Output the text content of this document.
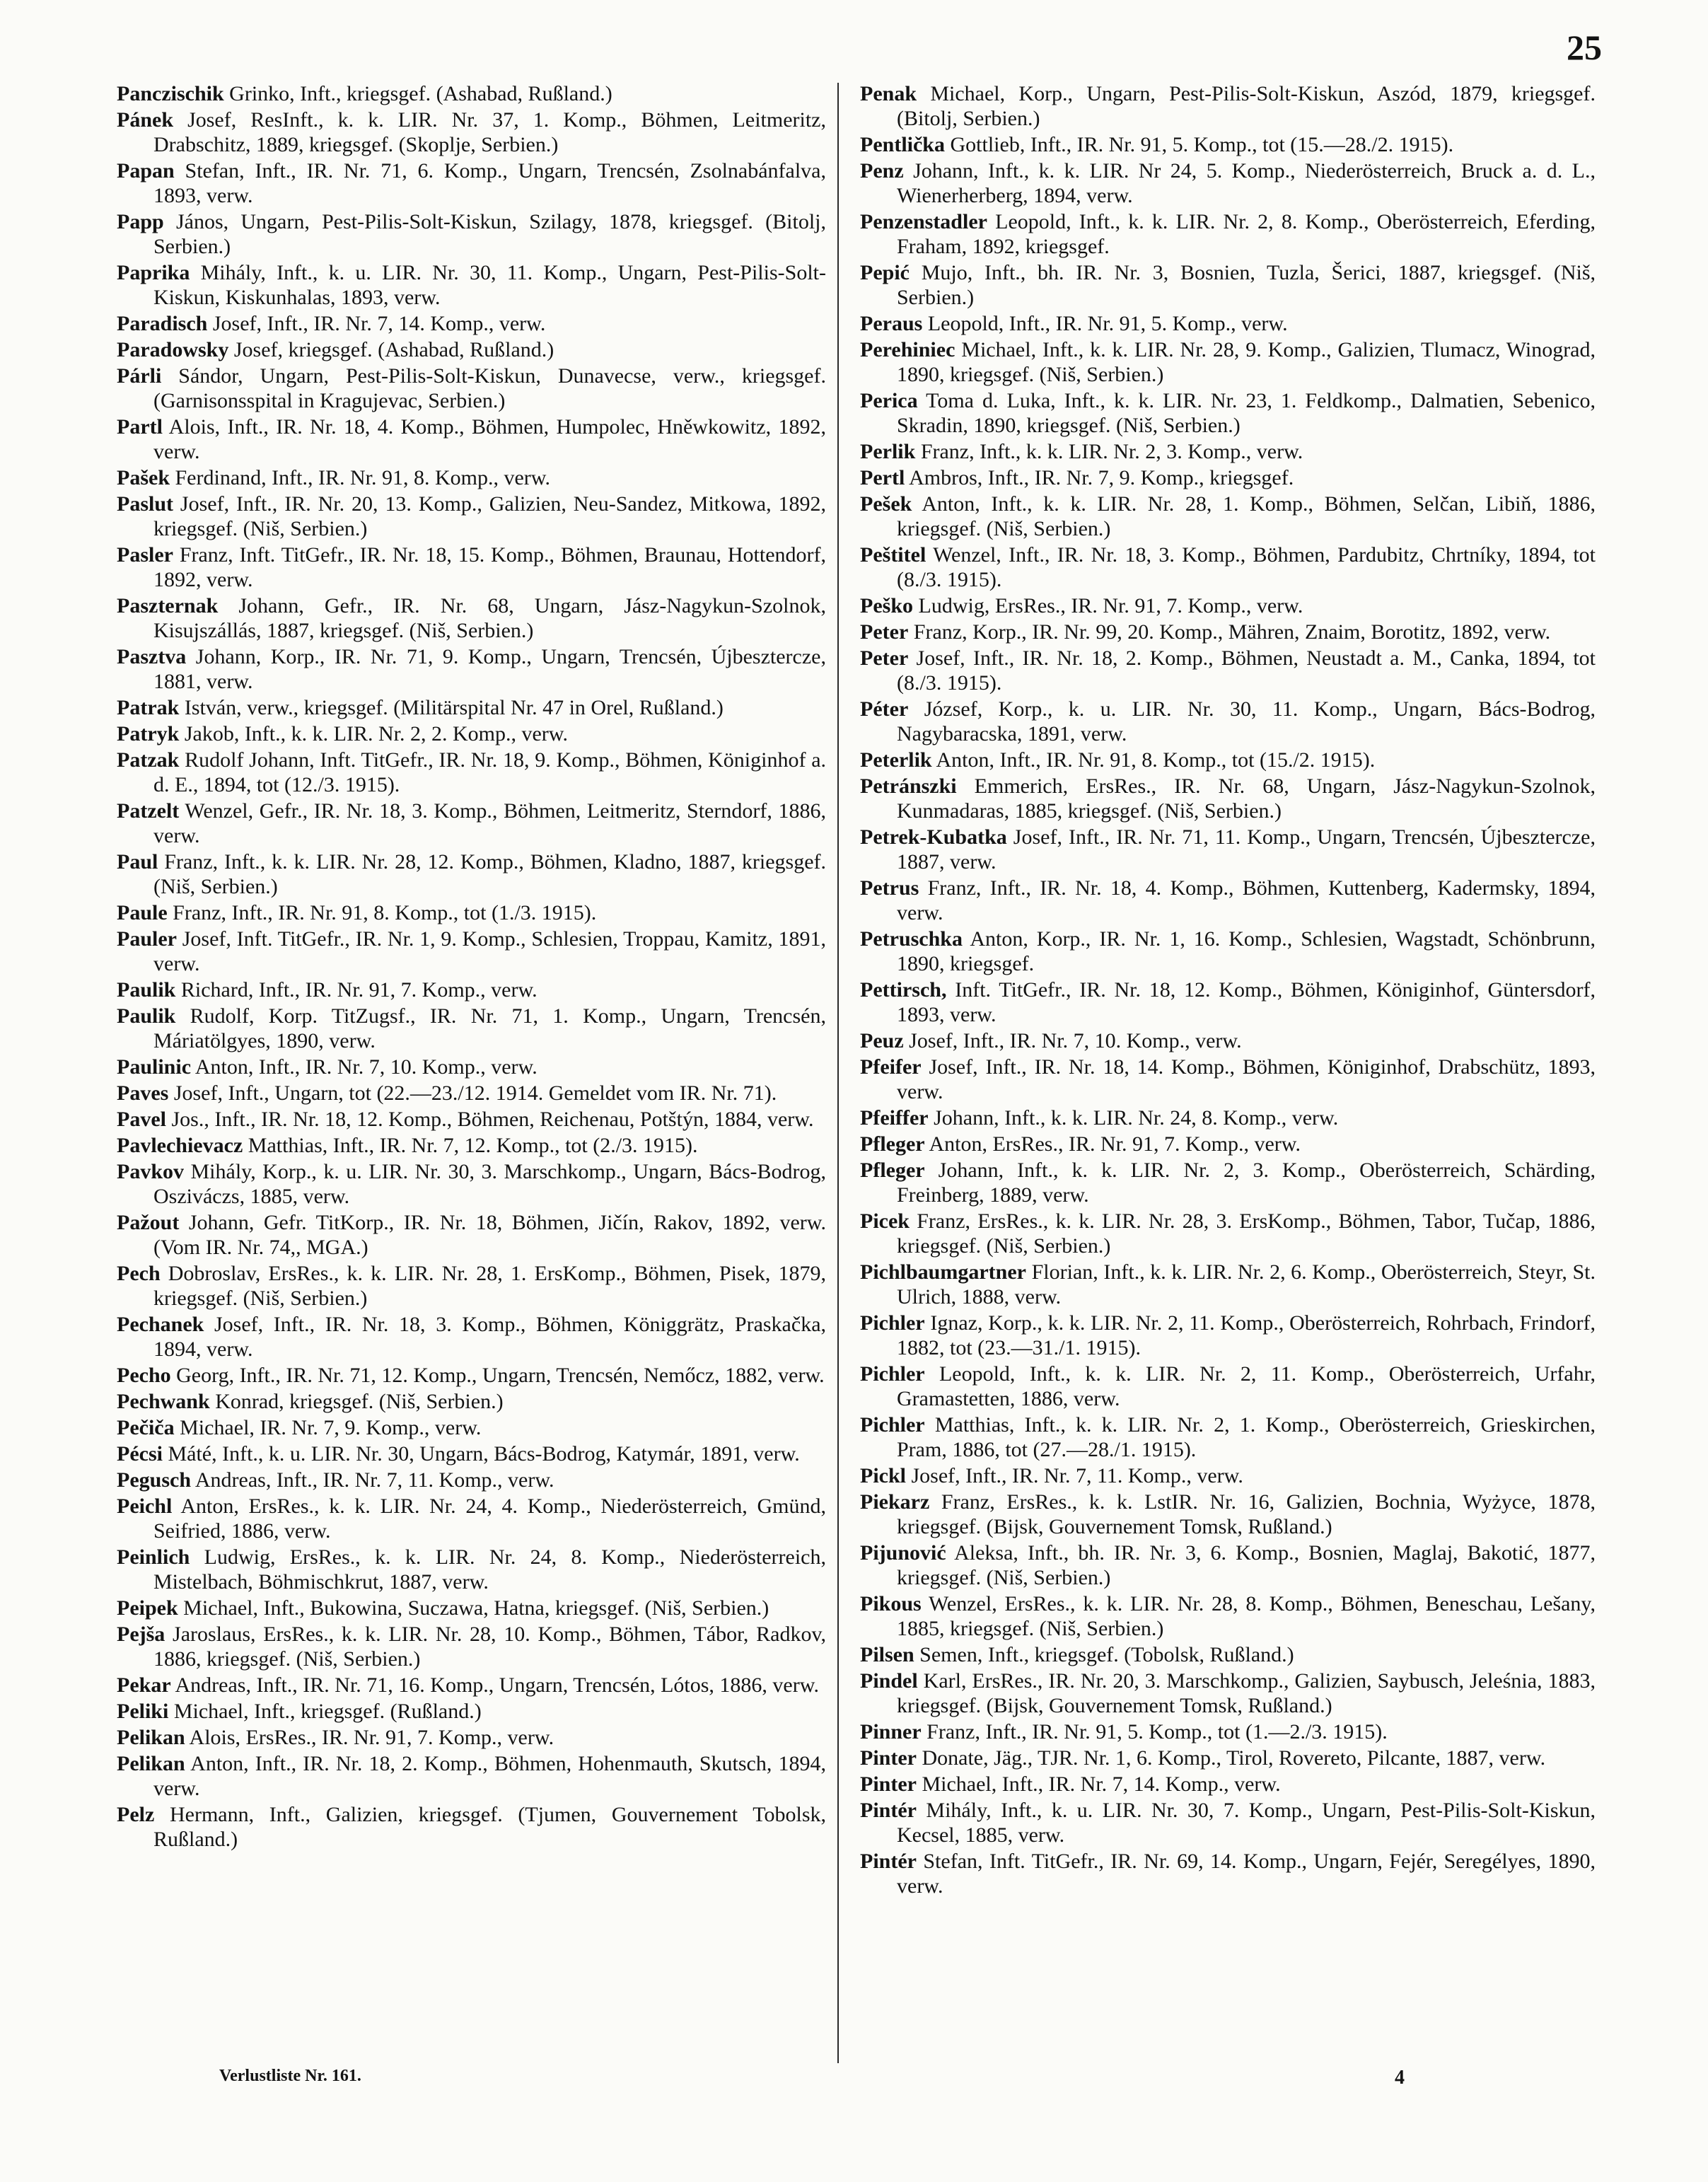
25

Panczischik Grinko, Inft., kriegsgef. (Ashabad, Rußland.)

Pánek Josef, ResInft., k. k. LIR. Nr. 37, 1. Komp., Böhmen, Leitmeritz, Drabschitz, 1889, kriegsgef. (Skoplje, Serbien.)

Papan Stefan, Inft., IR. Nr. 71, 6. Komp., Ungarn, Trencsén, Zsolnabánfalva, 1893, verw.

Papp János, Ungarn, Pest-Pilis-Solt-Kiskun, Szilagy, 1878, kriegsgef. (Bitolj, Serbien.)

Paprika Mihály, Inft., k. u. LIR. Nr. 30, 11. Komp., Ungarn, Pest-Pilis-Solt-Kiskun, Kiskunhalas, 1893, verw.

Paradisch Josef, Inft., IR. Nr. 7, 14. Komp., verw.

Paradowsky Josef, kriegsgef. (Ashabad, Rußland.)

Párli Sándor, Ungarn, Pest-Pilis-Solt-Kiskun, Dunavecse, verw., kriegsgef. (Garnisonsspital in Kragujevac, Serbien.)

Partl Alois, Inft., IR. Nr. 18, 4. Komp., Böhmen, Humpolec, Hněwkowitz, 1892, verw.

Pašek Ferdinand, Inft., IR. Nr. 91, 8. Komp., verw.

Paslut Josef, Inft., IR. Nr. 20, 13. Komp., Galizien, Neu-Sandez, Mitkowa, 1892, kriegsgef. (Niš, Serbien.)

Pasler Franz, Inft. TitGefr., IR. Nr. 18, 15. Komp., Böhmen, Braunau, Hottendorf, 1892, verw.

Paszternak Johann, Gefr., IR. Nr. 68, Ungarn, Jász-Nagykun-Szolnok, Kisujszállás, 1887, kriegsgef. (Niš, Serbien.)

Pasztva Johann, Korp., IR. Nr. 71, 9. Komp., Ungarn, Trencsén, Újbesztercze, 1881, verw.

Patrak István, verw., kriegsgef. (Militärspital Nr. 47 in Orel, Rußland.)

Patryk Jakob, Inft., k. k. LIR. Nr. 2, 2. Komp., verw.

Patzak Rudolf Johann, Inft. TitGefr., IR. Nr. 18, 9. Komp., Böhmen, Königinhof a. d. E., 1894, tot (12./3. 1915).

Patzelt Wenzel, Gefr., IR. Nr. 18, 3. Komp., Böhmen, Leitmeritz, Sterndorf, 1886, verw.

Paul Franz, Inft., k. k. LIR. Nr. 28, 12. Komp., Böhmen, Kladno, 1887, kriegsgef. (Niš, Serbien.)

Paule Franz, Inft., IR. Nr. 91, 8. Komp., tot (1./3. 1915).

Pauler Josef, Inft. TitGefr., IR. Nr. 1, 9. Komp., Schlesien, Troppau, Kamitz, 1891, verw.

Paulik Richard, Inft., IR. Nr. 91, 7. Komp., verw.

Paulik Rudolf, Korp. TitZugsf., IR. Nr. 71, 1. Komp., Ungarn, Trencsén, Máriatölgyes, 1890, verw.

Paulinic Anton, Inft., IR. Nr. 7, 10. Komp., verw.

Paves Josef, Inft., Ungarn, tot (22.—23./12. 1914. Gemeldet vom IR. Nr. 71).

Pavel Jos., Inft., IR. Nr. 18, 12. Komp., Böhmen, Reichenau, Potštýn, 1884, verw.

Pavlechievacz Matthias, Inft., IR. Nr. 7, 12. Komp., tot (2./3. 1915).

Pavkov Mihály, Korp., k. u. LIR. Nr. 30, 3. Marschkomp., Ungarn, Bács-Bodrog, Osziváczs, 1885, verw.

Pažout Johann, Gefr. TitKorp., IR. Nr. 18, Böhmen, Jičín, Rakov, 1892, verw. (Vom IR. Nr. 74,, MGA.)

Pech Dobroslav, ErsRes., k. k. LIR. Nr. 28, 1. ErsKomp., Böhmen, Pisek, 1879, kriegsgef. (Niš, Serbien.)

Pechanek Josef, Inft., IR. Nr. 18, 3. Komp., Böhmen, Königgrätz, Praskačka, 1894, verw.

Pecho Georg, Inft., IR. Nr. 71, 12. Komp., Ungarn, Trencsén, Nemőcz, 1882, verw.

Pechwank Konrad, kriegsgef. (Niš, Serbien.)

Pečiča Michael, IR. Nr. 7, 9. Komp., verw.

Pécsi Máté, Inft., k. u. LIR. Nr. 30, Ungarn, Bács-Bodrog, Katymár, 1891, verw.

Pegusch Andreas, Inft., IR. Nr. 7, 11. Komp., verw.

Peichl Anton, ErsRes., k. k. LIR. Nr. 24, 4. Komp., Niederösterreich, Gmünd, Seifried, 1886, verw.

Peinlich Ludwig, ErsRes., k. k. LIR. Nr. 24, 8. Komp., Niederösterreich, Mistelbach, Böhmischkrut, 1887, verw.

Peipek Michael, Inft., Bukowina, Suczawa, Hatna, kriegsgef. (Niš, Serbien.)

Pejša Jaroslaus, ErsRes., k. k. LIR. Nr. 28, 10. Komp., Böhmen, Tábor, Radkov, 1886, kriegsgef. (Niš, Serbien.)

Pekar Andreas, Inft., IR. Nr. 71, 16. Komp., Ungarn, Trencsén, Lótos, 1886, verw.

Peliki Michael, Inft., kriegsgef. (Rußland.)

Pelikan Alois, ErsRes., IR. Nr. 91, 7. Komp., verw.

Pelikan Anton, Inft., IR. Nr. 18, 2. Komp., Böhmen, Hohenmauth, Skutsch, 1894, verw.

Pelz Hermann, Inft., Galizien, kriegsgef. (Tjumen, Gouvernement Tobolsk, Rußland.)

Penak Michael, Korp., Ungarn, Pest-Pilis-Solt-Kiskun, Aszód, 1879, kriegsgef. (Bitolj, Serbien.)

Pentlička Gottlieb, Inft., IR. Nr. 91, 5. Komp., tot (15.—28./2. 1915).

Penz Johann, Inft., k. k. LIR. Nr 24, 5. Komp., Niederösterreich, Bruck a. d. L., Wienerherberg, 1894, verw.

Penzenstadler Leopold, Inft., k. k. LIR. Nr. 2, 8. Komp., Oberösterreich, Eferding, Fraham, 1892, kriegsgef.

Pepić Mujo, Inft., bh. IR. Nr. 3, Bosnien, Tuzla, Šerici, 1887, kriegsgef. (Niš, Serbien.)

Peraus Leopold, Inft., IR. Nr. 91, 5. Komp., verw.

Perehiniec Michael, Inft., k. k. LIR. Nr. 28, 9. Komp., Galizien, Tlumacz, Winograd, 1890, kriegsgef. (Niš, Serbien.)

Perica Toma d. Luka, Inft., k. k. LIR. Nr. 23, 1. Feldkomp., Dalmatien, Sebenico, Skradin, 1890, kriegsgef. (Niš, Serbien.)

Perlik Franz, Inft., k. k. LIR. Nr. 2, 3. Komp., verw.

Pertl Ambros, Inft., IR. Nr. 7, 9. Komp., kriegsgef.

Pešek Anton, Inft., k. k. LIR. Nr. 28, 1. Komp., Böhmen, Selčan, Libiň, 1886, kriegsgef. (Niš, Serbien.)

Peštitel Wenzel, Inft., IR. Nr. 18, 3. Komp., Böhmen, Pardubitz, Chrtníky, 1894, tot (8./3. 1915).

Peško Ludwig, ErsRes., IR. Nr. 91, 7. Komp., verw.

Peter Franz, Korp., IR. Nr. 99, 20. Komp., Mähren, Znaim, Borotitz, 1892, verw.

Peter Josef, Inft., IR. Nr. 18, 2. Komp., Böhmen, Neustadt a. M., Canka, 1894, tot (8./3. 1915).

Péter József, Korp., k. u. LIR. Nr. 30, 11. Komp., Ungarn, Bács-Bodrog, Nagybaracska, 1891, verw.

Peterlik Anton, Inft., IR. Nr. 91, 8. Komp., tot (15./2. 1915).

Petránszki Emmerich, ErsRes., IR. Nr. 68, Ungarn, Jász-Nagykun-Szolnok, Kunmadaras, 1885, kriegsgef. (Niš, Serbien.)

Petrek-Kubatka Josef, Inft., IR. Nr. 71, 11. Komp., Ungarn, Trencsén, Újbesztercze, 1887, verw.

Petrus Franz, Inft., IR. Nr. 18, 4. Komp., Böhmen, Kuttenberg, Kadermsky, 1894, verw.

Petruschka Anton, Korp., IR. Nr. 1, 16. Komp., Schlesien, Wagstadt, Schönbrunn, 1890, kriegsgef.

Pettirsch, Inft. TitGefr., IR. Nr. 18, 12. Komp., Böhmen, Königinhof, Güntersdorf, 1893, verw.

Peuz Josef, Inft., IR. Nr. 7, 10. Komp., verw.

Pfeifer Josef, Inft., IR. Nr. 18, 14. Komp., Böhmen, Königinhof, Drabschütz, 1893, verw.

Pfeiffer Johann, Inft., k. k. LIR. Nr. 24, 8. Komp., verw.

Pfleger Anton, ErsRes., IR. Nr. 91, 7. Komp., verw.

Pfleger Johann, Inft., k. k. LIR. Nr. 2, 3. Komp., Oberösterreich, Schärding, Freinberg, 1889, verw.

Picek Franz, ErsRes., k. k. LIR. Nr. 28, 3. ErsKomp., Böhmen, Tabor, Tučap, 1886, kriegsgef. (Niš, Serbien.)

Pichlbaumgartner Florian, Inft., k. k. LIR. Nr. 2, 6. Komp., Oberösterreich, Steyr, St. Ulrich, 1888, verw.

Pichler Ignaz, Korp., k. k. LIR. Nr. 2, 11. Komp., Oberösterreich, Rohrbach, Frindorf, 1882, tot (23.—31./1. 1915).

Pichler Leopold, Inft., k. k. LIR. Nr. 2, 11. Komp., Oberösterreich, Urfahr, Gramastetten, 1886, verw.

Pichler Matthias, Inft., k. k. LIR. Nr. 2, 1. Komp., Oberösterreich, Grieskirchen, Pram, 1886, tot (27.—28./1. 1915).

Pickl Josef, Inft., IR. Nr. 7, 11. Komp., verw.

Piekarz Franz, ErsRes., k. k. LstIR. Nr. 16, Galizien, Bochnia, Wyżyce, 1878, kriegsgef. (Bijsk, Gouvernement Tomsk, Rußland.)

Pijunović Aleksa, Inft., bh. IR. Nr. 3, 6. Komp., Bosnien, Maglaj, Bakotić, 1877, kriegsgef. (Niš, Serbien.)

Pikous Wenzel, ErsRes., k. k. LIR. Nr. 28, 8. Komp., Böhmen, Beneschau, Lešany, 1885, kriegsgef. (Niš, Serbien.)

Pilsen Semen, Inft., kriegsgef. (Tobolsk, Rußland.)

Pindel Karl, ErsRes., IR. Nr. 20, 3. Marschkomp., Galizien, Saybusch, Jeleśnia, 1883, kriegsgef. (Bijsk, Gouvernement Tomsk, Rußland.)

Pinner Franz, Inft., IR. Nr. 91, 5. Komp., tot (1.—2./3. 1915).

Pinter Donate, Jäg., TJR. Nr. 1, 6. Komp., Tirol, Rovereto, Pilcante, 1887, verw.

Pinter Michael, Inft., IR. Nr. 7, 14. Komp., verw.

Pintér Mihály, Inft., k. u. LIR. Nr. 30, 7. Komp., Ungarn, Pest-Pilis-Solt-Kiskun, Kecsel, 1885, verw.

Pintér Stefan, Inft. TitGefr., IR. Nr. 69, 14. Komp., Ungarn, Fejér, Seregélyes, 1890, verw.

Verlustliste Nr. 161.	4
